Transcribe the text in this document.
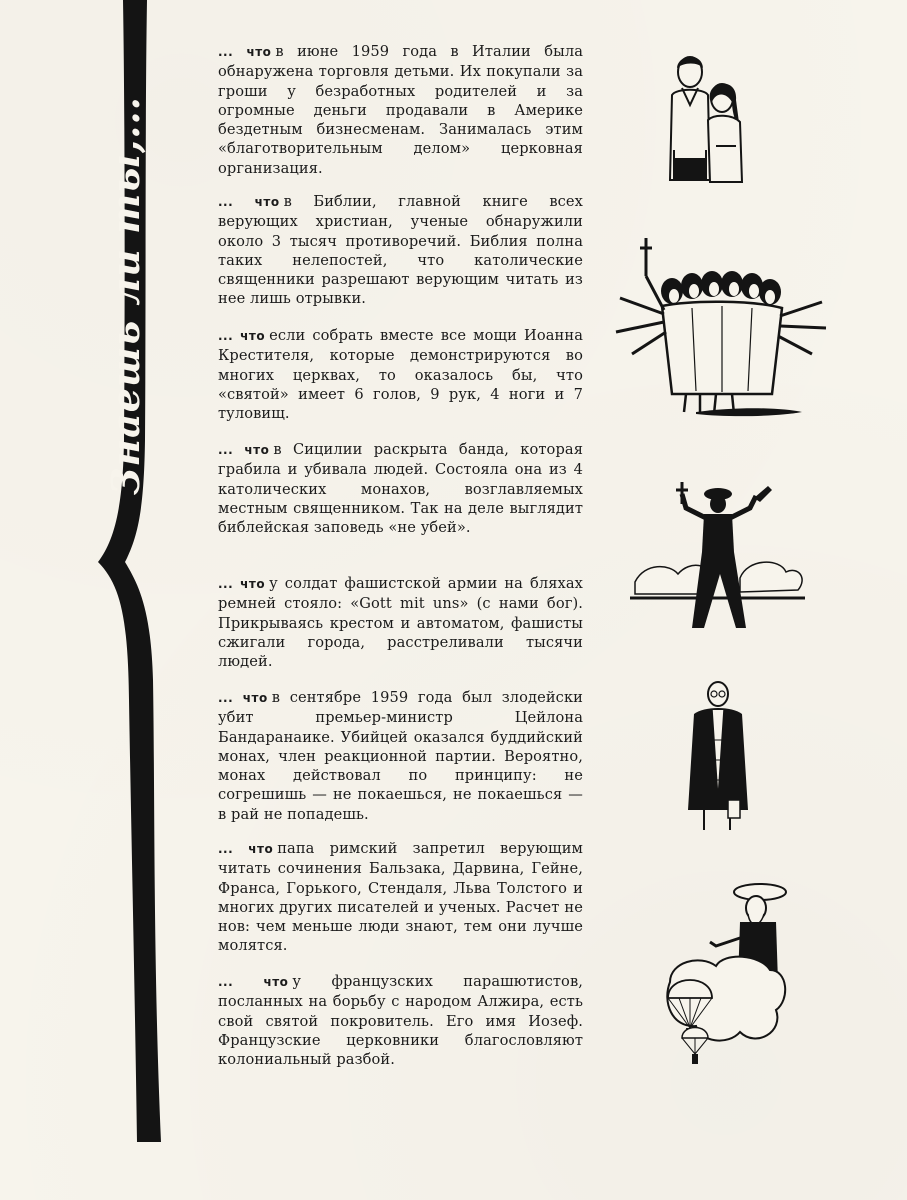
Знаешь ли ты,...
... что в июне 1959 года в Италии была обнаружена торговля детьми. Их покупали за гроши у безработных родителей и за огромные деньги продавали в Америке бездетным бизнесменам. Занималась этим «благотворительным делом» церковная организация.
... что в Библии, главной книге всех верующих христиан, ученые обнаружили около 3 тысяч противоречий. Библия полна таких нелепостей, что католические священники разрешают верующим читать из нее лишь отрывки.
... что если собрать вместе все мощи Иоанна Крестителя, которые демонстрируются во многих церквах, то оказалось бы, что «святой» имеет 6 голов, 9 рук, 4 ноги и 7 туловищ.
... что в Сицилии раскрыта банда, которая грабила и убивала людей. Состояла она из 4 католических монахов, возглавляемых местным священником. Так на деле выглядит библейская заповедь «не убей».
... что у солдат фашистской армии на бляхах ремней стояло: «Gott mit uns» (с нами бог). Прикрываясь крестом и автоматом, фашисты сжигали города, расстреливали тысячи людей.
... что в сентябре 1959 года был злодейски убит премьер-министр Цейлона Бандаранаике. Убийцей оказался буддийский монах, член реакционной партии. Вероятно, монах действовал по принципу: не согрешишь — не покаешься, не покаешься — в рай не попадешь.
... что папа римский запретил верующим читать сочинения Бальзака, Дарвина, Гейне, Франса, Горького, Стендаля, Льва Толстого и многих других писателей и ученых. Расчет не нов: чем меньше люди знают, тем они лучше молятся.
... что у французских парашютистов, посланных на борьбу с народом Алжира, есть свой святой покровитель. Его имя Иозеф. Французские церковники благословляют колониальный разбой.
